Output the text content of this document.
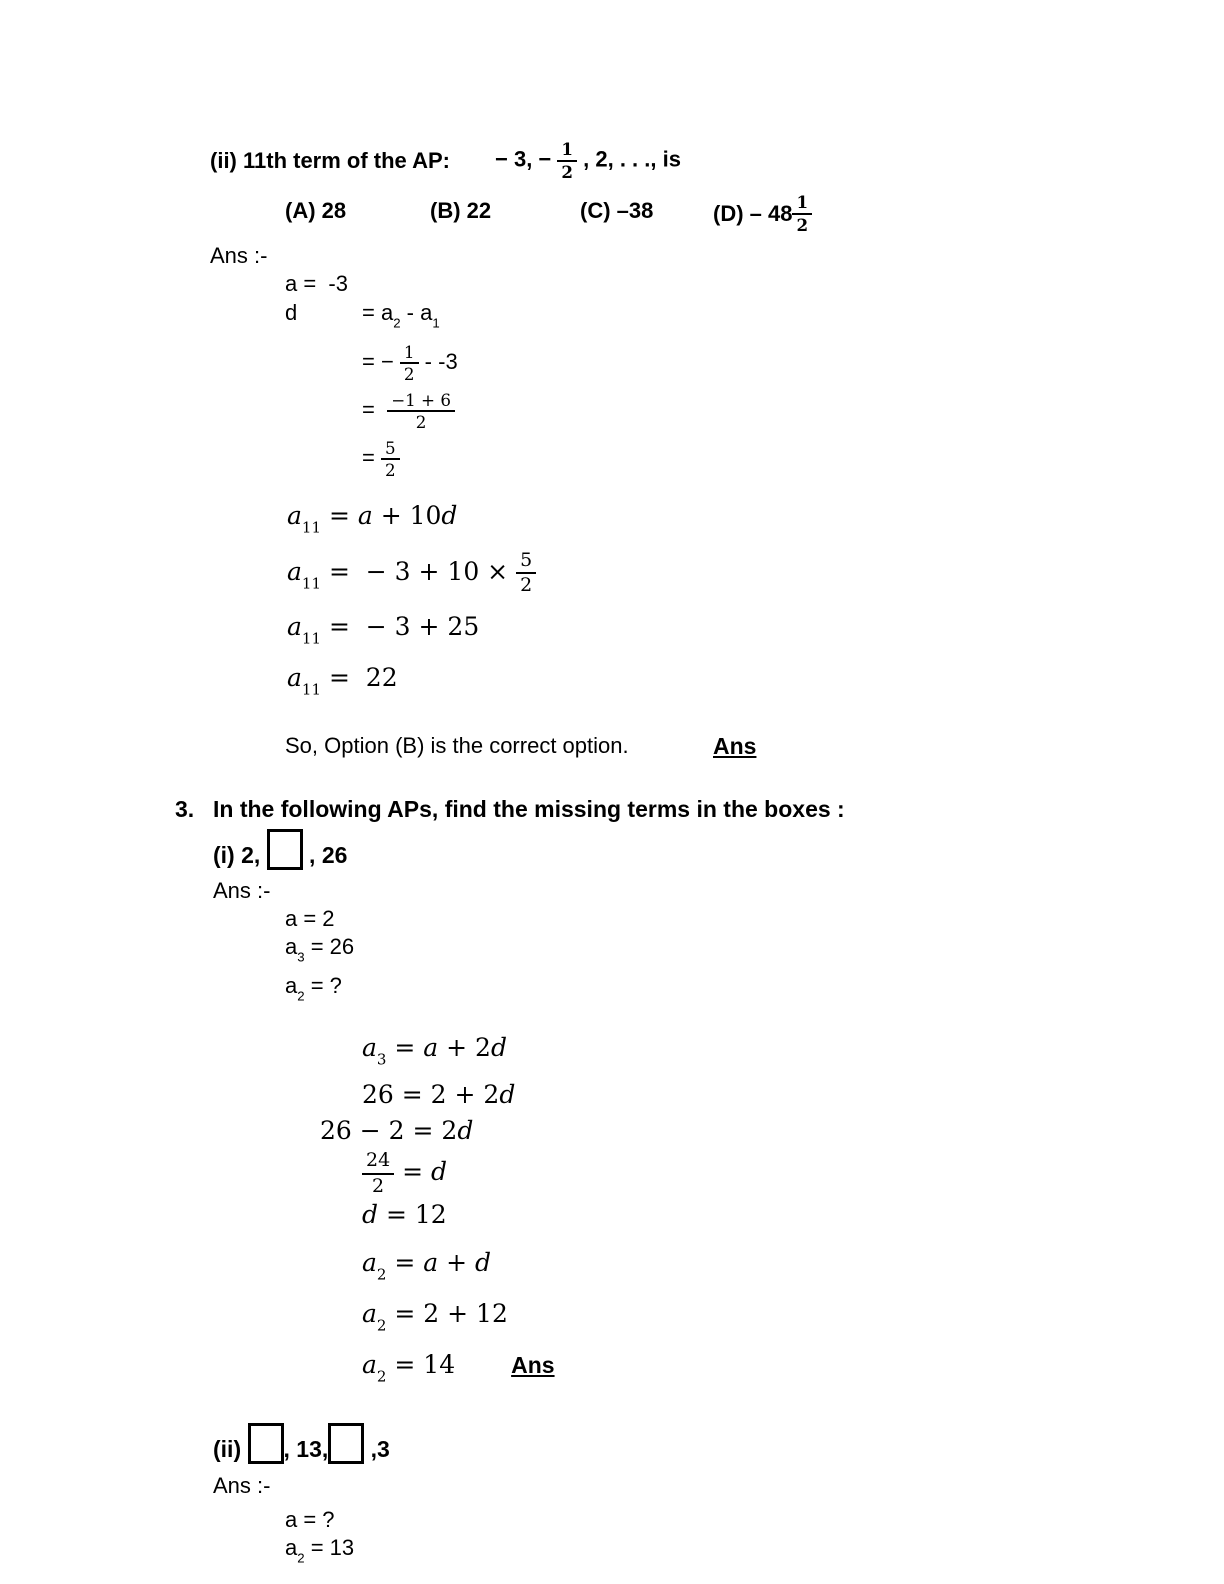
(ii) 11th term of the AP:	− 3, − $\frac{1}{2}$ , 2, . . ., is
(A) 28	(B) 22	(C) –38	$(D) - 48 \frac{1}{2}$
Ans :-
a =  -3
d	= $a_2 - a_1$
= − $\frac{1}{2} - -3$
= $\frac{-1 + 6}{2}$
= $\frac{5}{2}$
$a_{11} = a + 10d$
$a_{11}$ =  − $3 + 10 \times \frac{5}{2}$
$a_{11}$ =  − 3 + 25
$a_{11} = 22$
So, Option (B) is the correct option.	Ans
3. In the following APs, find the missing terms in the boxes :
(i) 2,  , 26
Ans :-
a = 2
$a_3 = 26$
$a_2$ = ?
$a_3 = a + 2d$
26 = 2 + 2d
26 − 2 = 2d
$\frac{24}{2} = d$
d = 12
$a_2 = a + d$
$a_2 = 2 + 12$
$a_2 = 14$ Ans
(ii) , 13, ,3
Ans :-
a = ?
$a_2 = 13$
